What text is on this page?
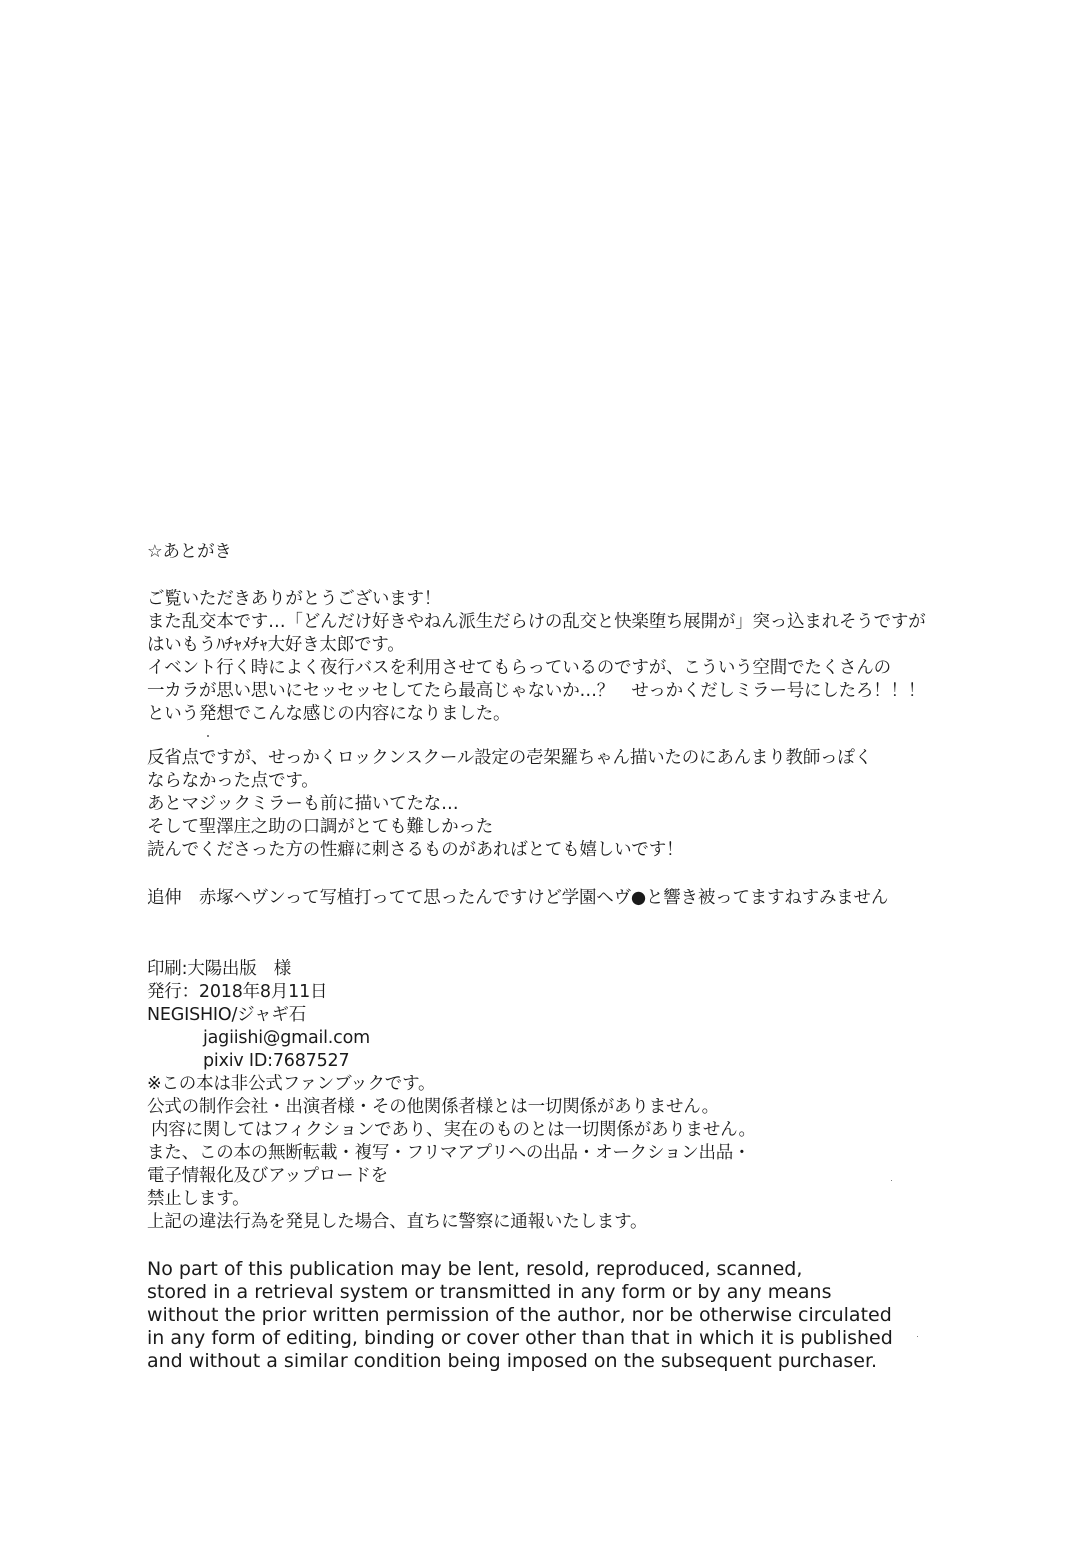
☆あとがき
ご覧いただきありがとうございます！
また乱交本です…「どんだけ好きやねん派生だらけの乱交と快楽堕ち展開が」突っ込まれそうですが
はいもうﾊﾁｬﾒﾁｬ大好き太郎です。
イベント行く時によく夜行バスを利用させてもらっているのですが、こういう空間でたくさんの
一カラが思い思いにセッセッセしてたら最高じゃないか…？　せっかくだしミラー号にしたろ！！！
という発想でこんな感じの内容になりました。
反省点ですが、せっかくロックンスクール設定の壱架羅ちゃん描いたのにあんまり教師っぽく
ならなかった点です。
あとマジックミラーも前に描いてたな…
そして聖澤庄之助の口調がとても難しかった
読んでくださった方の性癖に刺さるものがあればとても嬉しいです！
追伸　赤塚ヘヴンって写植打ってて思ったんですけど学園ヘヴ●と響き被ってますねすみません
印刷:大陽出版　様
発行：2018年8月11日
NEGISHIO/ジャギ石
jagiishi@gmail.com
pixiv ID:7687527
※この本は非公式ファンブックです。
公式の制作会社・出演者様・その他関係者様とは一切関係がありません。
内容に関してはフィクションであり、実在のものとは一切関係がありません。
また、この本の無断転載・複写・フリマアプリへの出品・オークション出品・
電子情報化及びアップロードを
禁止します。
上記の違法行為を発見した場合、直ちに警察に通報いたします。
No part of this publication may be lent, resold, reproduced, scanned,
stored in a retrieval system or transmitted in any form or by any means
without the prior written permission of the author, nor be otherwise circulated
in any form of editing, binding or cover other than that in which it is published
and without a similar condition being imposed on the subsequent purchaser.
